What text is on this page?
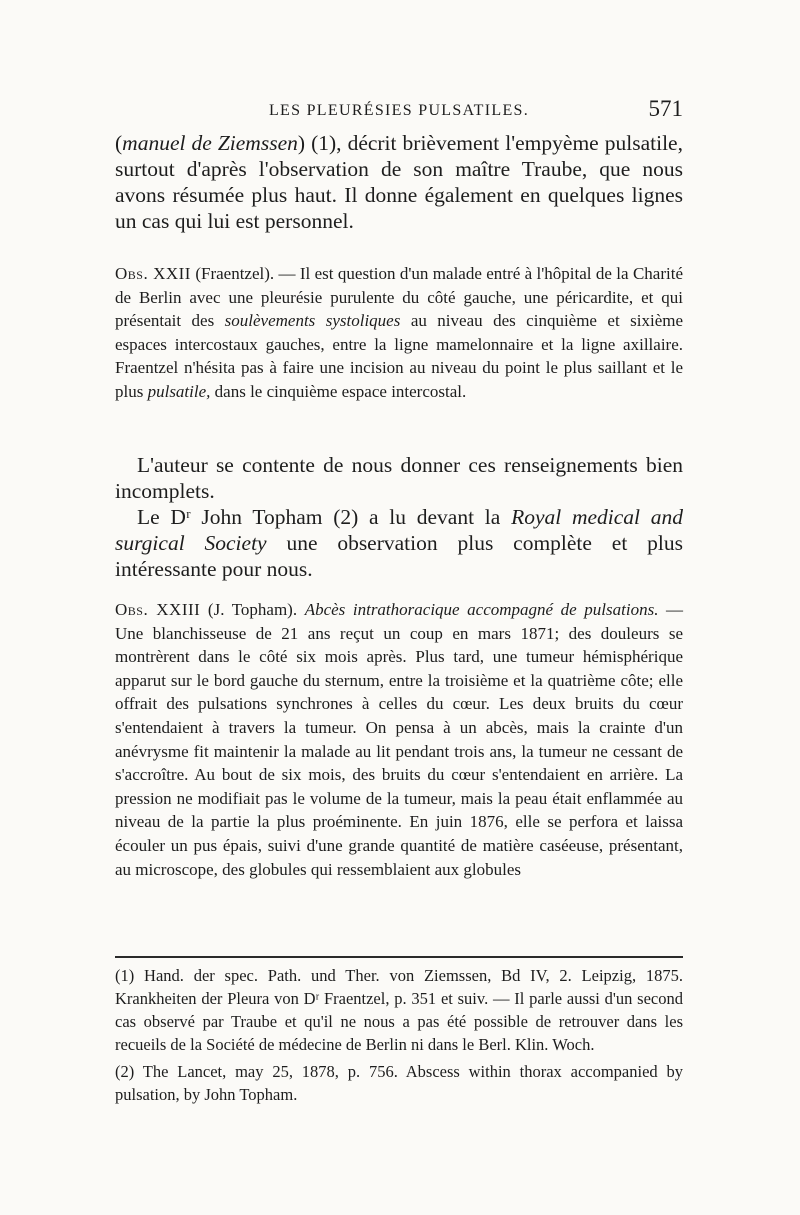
LES PLEURÉSIES PULSATILES.	571

(manuel de Ziemssen) (1), décrit brièvement l'empyème pulsatile, surtout d'après l'observation de son maître Traube, que nous avons résumée plus haut. Il donne également en quelques lignes un cas qui lui est personnel.

Obs. XXII (Fraentzel). — Il est question d'un malade entré à l'hôpital de la Charité de Berlin avec une pleurésie purulente du côté gauche, une péricardite, et qui présentait des soulèvements systoliques au niveau des cinquième et sixième espaces intercostaux gauches, entre la ligne mamelonnaire et la ligne axillaire. Fraentzel n'hésita pas à faire une incision au niveau du point le plus saillant et le plus pulsatile, dans le cinquième espace intercostal.

L'auteur se contente de nous donner ces renseignements bien incomplets.

Le Dʳ John Topham (2) a lu devant la Royal medical and surgical Society une observation plus complète et plus intéressante pour nous.

Obs. XXIII (J. Topham). Abcès intrathoracique accompagné de pulsations. — Une blanchisseuse de 21 ans reçut un coup en mars 1871; des douleurs se montrèrent dans le côté six mois après. Plus tard, une tumeur hémisphérique apparut sur le bord gauche du sternum, entre la troisième et la quatrième côte; elle offrait des pulsations synchrones à celles du cœur. Les deux bruits du cœur s'entendaient à travers la tumeur. On pensa à un abcès, mais la crainte d'un anévrysme fit maintenir la malade au lit pendant trois ans, la tumeur ne cessant de s'accroître. Au bout de six mois, des bruits du cœur s'entendaient en arrière. La pression ne modifiait pas le volume de la tumeur, mais la peau était enflammée au niveau de la partie la plus proéminente. En juin 1876, elle se perfora et laissa écouler un pus épais, suivi d'une grande quantité de matière caséeuse, présentant, au microscope, des globules qui ressemblaient aux globules

(1) Hand. der spec. Path. und Ther. von Ziemssen, Bd IV, 2. Leipzig, 1875. Krankheiten der Pleura von Dʳ Fraentzel, p. 351 et suiv. — Il parle aussi d'un second cas observé par Traube et qu'il ne nous a pas été possible de retrouver dans les recueils de la Société de médecine de Berlin ni dans le Berl. Klin. Woch.

(2) The Lancet, may 25, 1878, p. 756. Abscess within thorax accompanied by pulsation, by John Topham.
